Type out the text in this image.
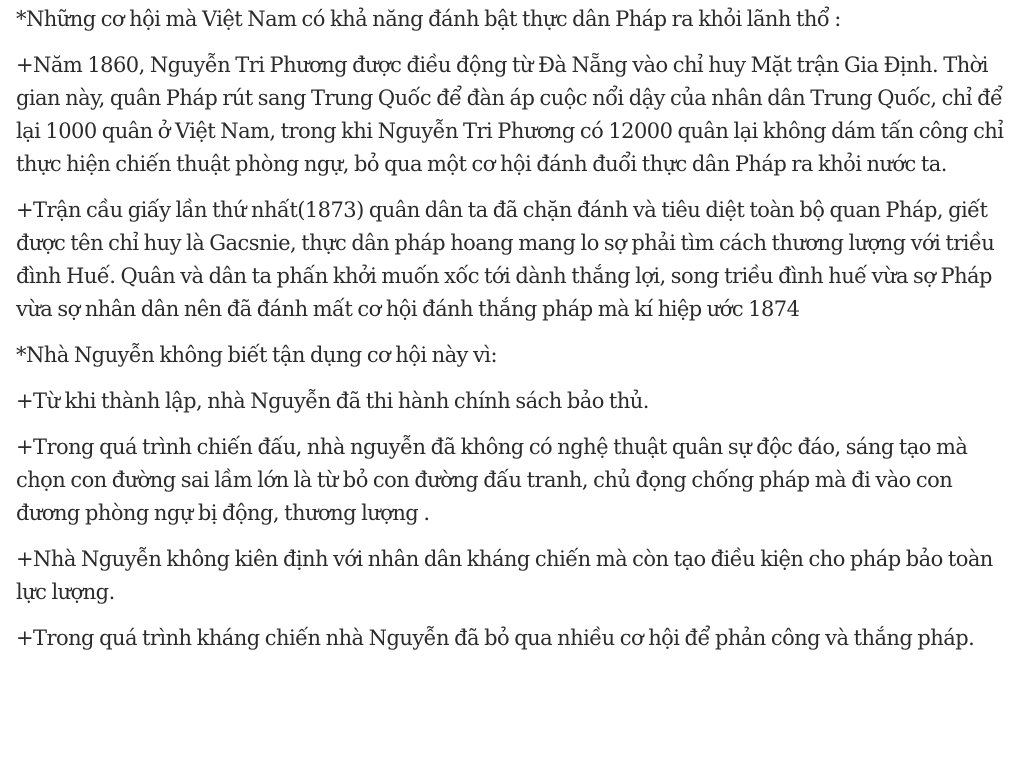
*Những cơ hội mà Việt Nam có khả năng đánh bật thực dân Pháp ra khỏi lãnh thổ :

+Năm 1860, Nguyễn Tri Phương được điều động từ Đà Nẵng vào chỉ huy Mặt trận Gia Định. Thời gian này, quân Pháp rút sang Trung Quốc để đàn áp cuộc nổi dậy của nhân dân Trung Quốc, chỉ để lại 1000 quân ở Việt Nam, trong khi Nguyễn Tri Phương có 12000 quân lại không dám tấn công chỉ thực hiện chiến thuật phòng ngự, bỏ qua một cơ hội đánh đuổi thực dân Pháp ra khỏi nước ta.

+Trận cầu giấy lần thứ nhất(1873) quân dân ta đã chặn đánh và tiêu diệt toàn bộ quan Pháp, giết được tên chỉ huy là Gacsnie, thực dân pháp hoang mang lo sợ phải tìm cách thương lượng với triều đình Huế. Quân và dân ta phấn khởi muốn xốc tới dành thắng lợi, song triều đình huế vừa sợ Pháp vừa sợ nhân dân nên đã đánh mất cơ hội đánh thắng pháp mà kí hiệp ước 1874

*Nhà Nguyễn không biết tận dụng cơ hội này vì:

+Từ khi thành lập, nhà Nguyễn đã thi hành chính sách bảo thủ.

+Trong quá trình chiến đấu, nhà nguyễn đã không có nghệ thuật quân sự độc đáo, sáng tạo mà chọn con đường sai lầm lớn là từ bỏ con đường đấu tranh, chủ đọng chống pháp mà đi vào con đương phòng ngự bị động, thương lượng .

+Nhà Nguyễn không kiên định với nhân dân kháng chiến mà còn tạo điều kiện cho pháp bảo toàn lực lượng.

+Trong quá trình kháng chiến nhà Nguyễn đã bỏ qua nhiều cơ hội để phản công và thắng pháp.
